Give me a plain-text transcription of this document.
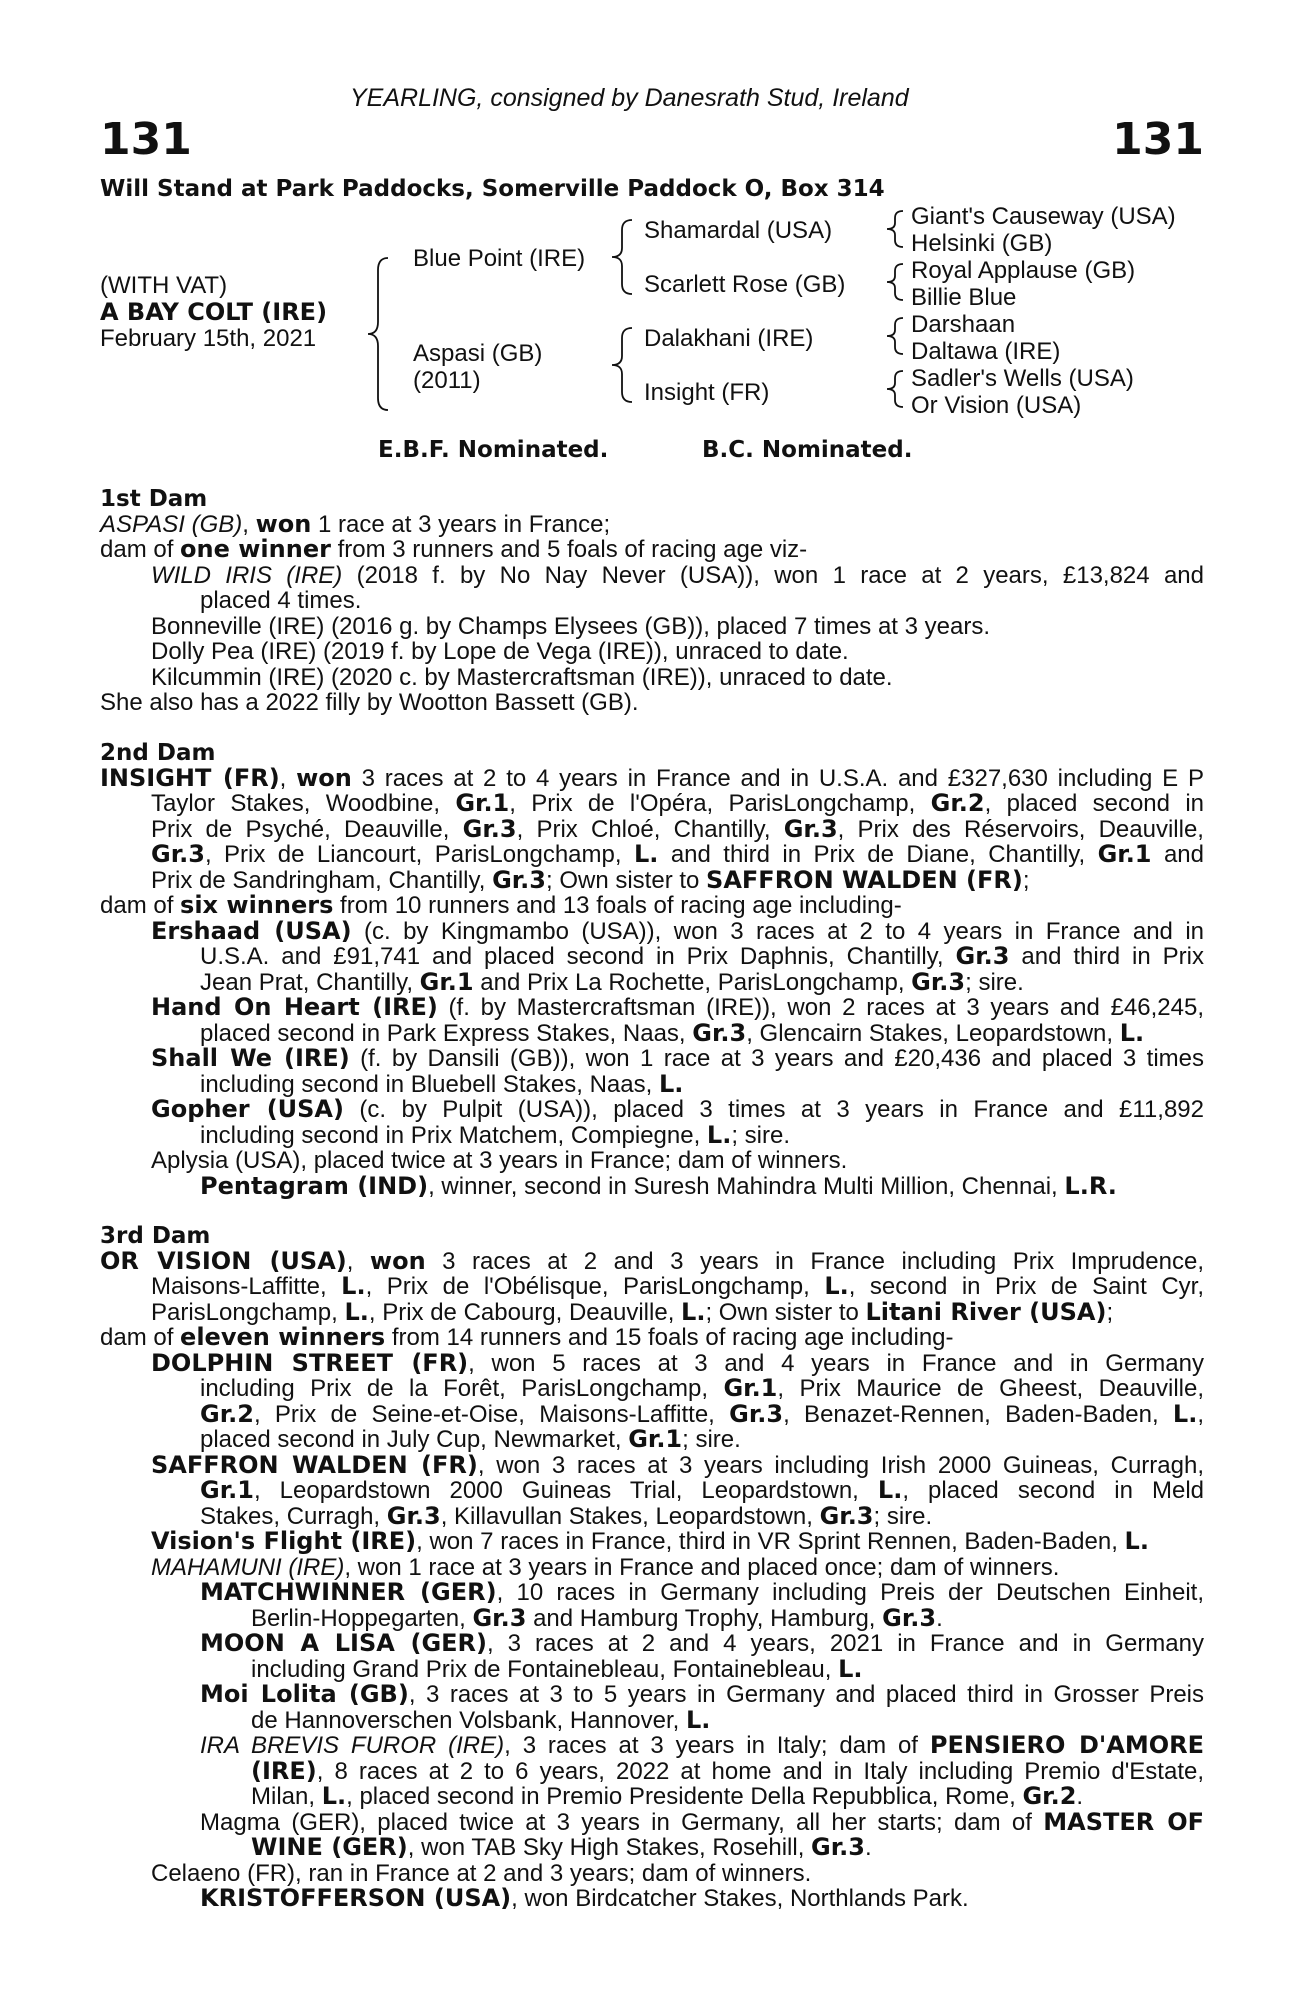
YEARLING, consigned by Danesrath Stud, Ireland
131	131
Will Stand at Park Paddocks, Somerville Paddock O, Box 314
(WITH VAT)
A BAY COLT (IRE)
February 15th, 2021
Blue Point (IRE)
Aspasi (GB)
(2011)
Shamardal (USA)
Scarlett Rose (GB)
Dalakhani (IRE)
Insight (FR)
Giant's Causeway (USA)
Helsinki (GB)
Royal Applause (GB)
Billie Blue
Darshaan
Daltawa (IRE)
Sadler's Wells (USA)
Or Vision (USA)
E.B.F. Nominated.	B.C. Nominated.
1st Dam
ASPASI (GB), won 1 race at 3 years in France;
dam of one winner from 3 runners and 5 foals of racing age viz-
WILD IRIS (IRE) (2018 f. by No Nay Never (USA)), won 1 race at 2 years, £13,824 and
placed 4 times.
Bonneville (IRE) (2016 g. by Champs Elysees (GB)), placed 7 times at 3 years.
Dolly Pea (IRE) (2019 f. by Lope de Vega (IRE)), unraced to date.
Kilcummin (IRE) (2020 c. by Mastercraftsman (IRE)), unraced to date.
She also has a 2022 filly by Wootton Bassett (GB).
2nd Dam
INSIGHT (FR), won 3 races at 2 to 4 years in France and in U.S.A. and £327,630 including E P
Taylor Stakes, Woodbine, Gr.1, Prix de l'Opéra, ParisLongchamp, Gr.2, placed second in
Prix de Psyché, Deauville, Gr.3, Prix Chloé, Chantilly, Gr.3, Prix des Réservoirs, Deauville,
Gr.3, Prix de Liancourt, ParisLongchamp, L. and third in Prix de Diane, Chantilly, Gr.1 and
Prix de Sandringham, Chantilly, Gr.3; Own sister to SAFFRON WALDEN (FR);
dam of six winners from 10 runners and 13 foals of racing age including-
Ershaad (USA) (c. by Kingmambo (USA)), won 3 races at 2 to 4 years in France and in
U.S.A. and £91,741 and placed second in Prix Daphnis, Chantilly, Gr.3 and third in Prix
Jean Prat, Chantilly, Gr.1 and Prix La Rochette, ParisLongchamp, Gr.3; sire.
Hand On Heart (IRE) (f. by Mastercraftsman (IRE)), won 2 races at 3 years and £46,245,
placed second in Park Express Stakes, Naas, Gr.3, Glencairn Stakes, Leopardstown, L.
Shall We (IRE) (f. by Dansili (GB)), won 1 race at 3 years and £20,436 and placed 3 times
including second in Bluebell Stakes, Naas, L.
Gopher (USA) (c. by Pulpit (USA)), placed 3 times at 3 years in France and £11,892
including second in Prix Matchem, Compiegne, L.; sire.
Aplysia (USA), placed twice at 3 years in France; dam of winners.
Pentagram (IND), winner, second in Suresh Mahindra Multi Million, Chennai, L.R.
3rd Dam
OR VISION (USA), won 3 races at 2 and 3 years in France including Prix Imprudence,
Maisons-Laffitte, L., Prix de l'Obélisque, ParisLongchamp, L., second in Prix de Saint Cyr,
ParisLongchamp, L., Prix de Cabourg, Deauville, L.; Own sister to Litani River (USA);
dam of eleven winners from 14 runners and 15 foals of racing age including-
DOLPHIN STREET (FR), won 5 races at 3 and 4 years in France and in Germany
including Prix de la Forêt, ParisLongchamp, Gr.1, Prix Maurice de Gheest, Deauville,
Gr.2, Prix de Seine-et-Oise, Maisons-Laffitte, Gr.3, Benazet-Rennen, Baden-Baden, L.,
placed second in July Cup, Newmarket, Gr.1; sire.
SAFFRON WALDEN (FR), won 3 races at 3 years including Irish 2000 Guineas, Curragh,
Gr.1, Leopardstown 2000 Guineas Trial, Leopardstown, L., placed second in Meld
Stakes, Curragh, Gr.3, Killavullan Stakes, Leopardstown, Gr.3; sire.
Vision's Flight (IRE), won 7 races in France, third in VR Sprint Rennen, Baden-Baden, L.
MAHAMUNI (IRE), won 1 race at 3 years in France and placed once; dam of winners.
MATCHWINNER (GER), 10 races in Germany including Preis der Deutschen Einheit,
Berlin-Hoppegarten, Gr.3 and Hamburg Trophy, Hamburg, Gr.3.
MOON A LISA (GER), 3 races at 2 and 4 years, 2021 in France and in Germany
including Grand Prix de Fontainebleau, Fontainebleau, L.
Moi Lolita (GB), 3 races at 3 to 5 years in Germany and placed third in Grosser Preis
de Hannoverschen Volsbank, Hannover, L.
IRA BREVIS FUROR (IRE), 3 races at 3 years in Italy; dam of PENSIERO D'AMORE
(IRE), 8 races at 2 to 6 years, 2022 at home and in Italy including Premio d'Estate,
Milan, L., placed second in Premio Presidente Della Repubblica, Rome, Gr.2.
Magma (GER), placed twice at 3 years in Germany, all her starts; dam of MASTER OF
WINE (GER), won TAB Sky High Stakes, Rosehill, Gr.3.
Celaeno (FR), ran in France at 2 and 3 years; dam of winners.
KRISTOFFERSON (USA), won Birdcatcher Stakes, Northlands Park.
